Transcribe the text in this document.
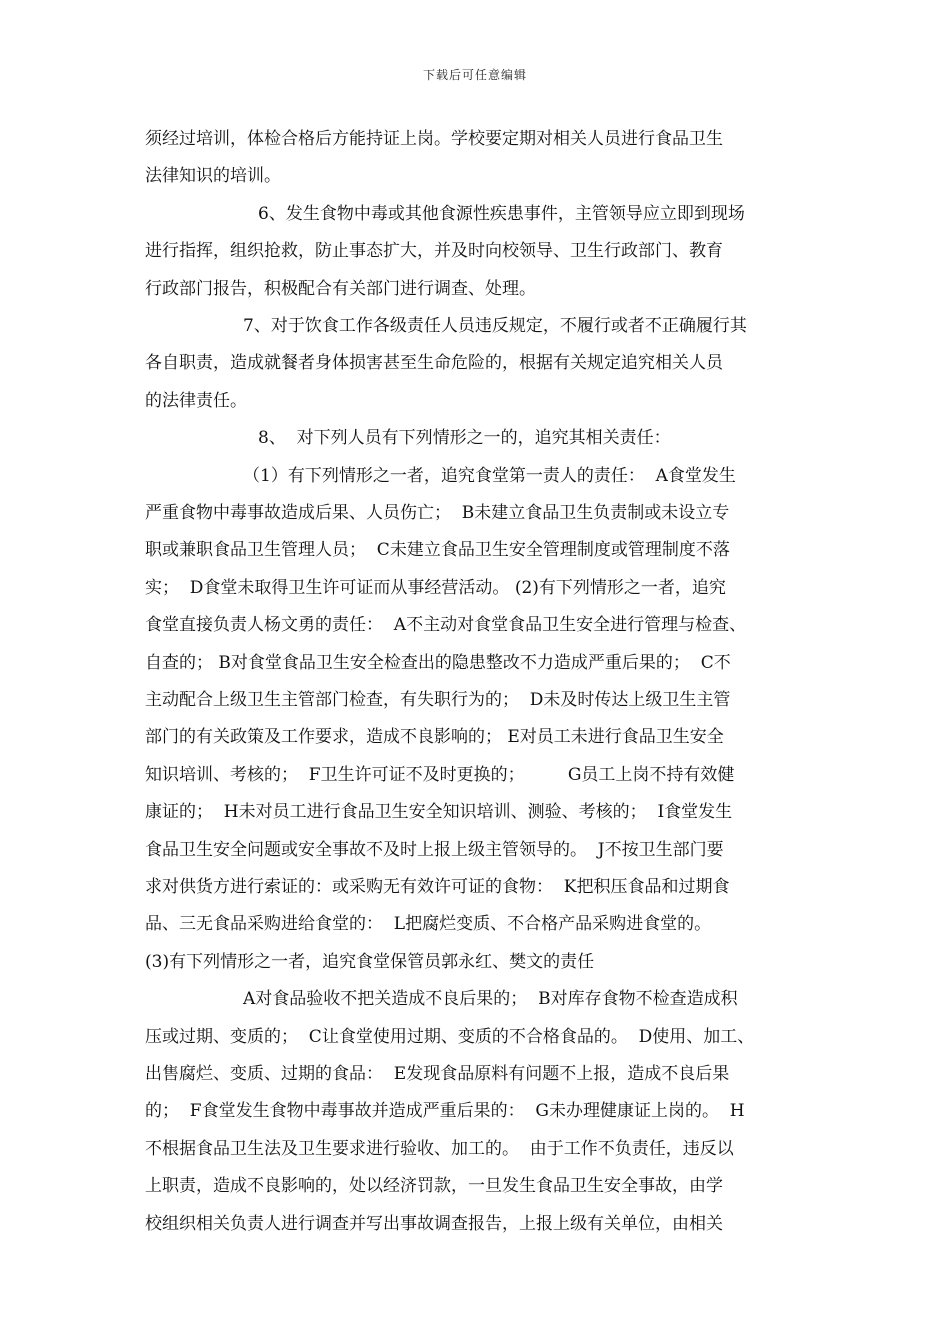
下载后可任意编辑
须经过培训，体检合格后方能持证上岗。学校要定期对相关人员进行食品卫生
法律知识的培训。
6、发生食物中毒或其他食源性疾患事件，主管领导应立即到现场
进行指挥，组织抢救，防止事态扩大，并及时向校领导、卫生行政部门、教育
行政部门报告，积极配合有关部门进行调查、处理。
7、对于饮食工作各级责任人员违反规定，不履行或者不正确履行其
各自职责，造成就餐者身体损害甚至生命危险的，根据有关规定追究相关人员
的法律责任。
8、  对下列人员有下列情形之一的，追究其相关责任：
（1）有下列情形之一者，追究食堂第一责人的责任：  A食堂发生
严重食物中毒事故造成后果、人员伤亡；  B未建立食品卫生负责制或未设立专
职或兼职食品卫生管理人员；  C未建立食品卫生安全管理制度或管理制度不落
实；  D食堂未取得卫生许可证而从事经营活动。 (2)有下列情形之一者，追究
食堂直接负责人杨文勇的责任：  A不主动对食堂食品卫生安全进行管理与检查、
自查的； B对食堂食品卫生安全检查出的隐患整改不力造成严重后果的；  C不
主动配合上级卫生主管部门检查，有失职行为的；  D未及时传达上级卫生主管
部门的有关政策及工作要求，造成不良影响的； E对员工未进行食品卫生安全
知识培训、考核的；  F卫生许可证不及时更换的；        G员工上岗不持有效健
康证的；  H未对员工进行食品卫生安全知识培训、测验、考核的；  I食堂发生
食品卫生安全问题或安全事故不及时上报上级主管领导的。  J不按卫生部门要
求对供货方进行索证的：或采购无有效许可证的食物：  K把积压食品和过期食
品、三无食品采购进给食堂的：  L把腐烂变质、不合格产品采购进食堂的。
(3)有下列情形之一者，追究食堂保管员郭永红、樊文的责任
A对食品验收不把关造成不良后果的；  B对库存食物不检查造成积
压或过期、变质的；  C让食堂使用过期、变质的不合格食品的。  D使用、加工、
出售腐烂、变质、过期的食品：  E发现食品原料有问题不上报，造成不良后果
的；  F食堂发生食物中毒事故并造成严重后果的：  G未办理健康证上岗的。  H
不根据食品卫生法及卫生要求进行验收、加工的。  由于工作不负责任，违反以
上职责，造成不良影响的，处以经济罚款，一旦发生食品卫生安全事故，由学
校组织相关负责人进行调查并写出事故调查报告，上报上级有关单位，由相关
